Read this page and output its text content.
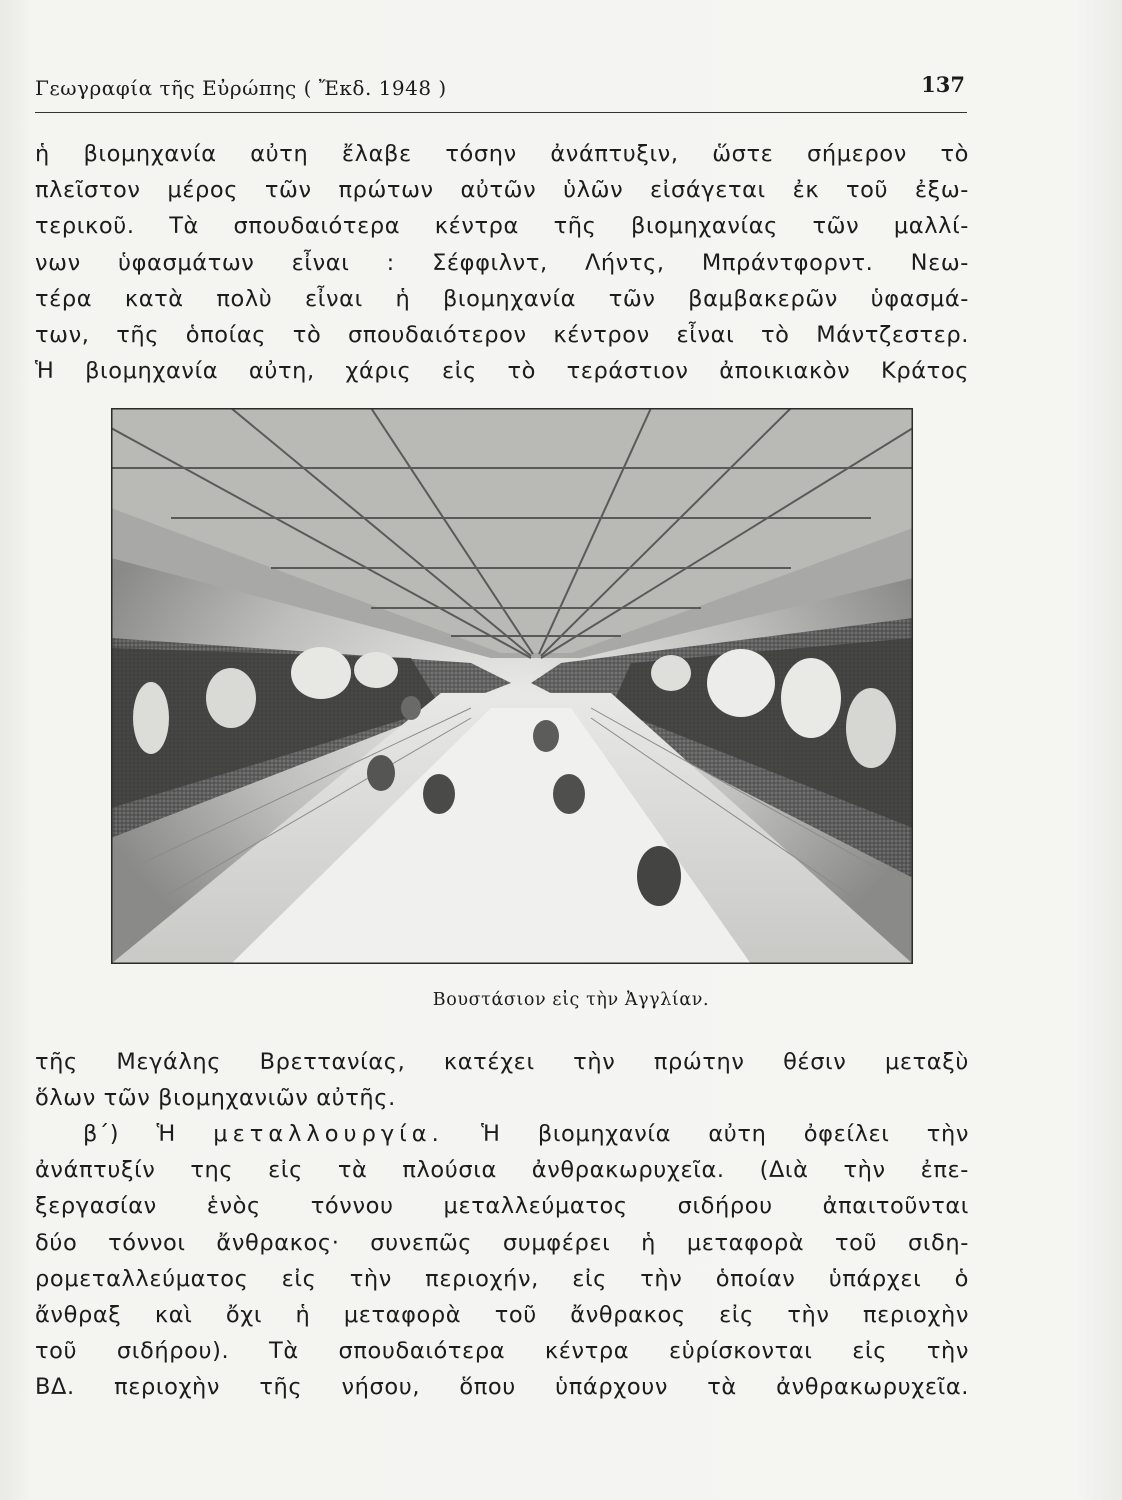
Γεωγραφία τῆς Εὐρώπης ( Ἔκδ. 1948 )	137
ἡ βιομηχανία αὐτη ἔλαβε τόσην ἀνάπτυξιν, ὥστε σήμερον τὸ
πλεῖστον μέρος τῶν πρώτων αὐτῶν ὑλῶν εἰσάγεται ἐκ τοῦ ἐξω-
τερικοῦ. Τὰ σπουδαιότερα κέντρα τῆς βιομηχανίας τῶν μαλλί-
νων ὑφασμάτων εἶναι : Σέφφιλντ, Λήντς, Μπράντφορντ. Νεω-
τέρα κατὰ πολὺ εἶναι ἡ βιομηχανία τῶν βαμβακερῶν ὑφασμά-
των, τῆς ὁποίας τὸ σπουδαιότερον κέντρον εἶναι τὸ Μάντζεστερ.
Ἡ βιομηχανία αὐτη, χάρις εἰς τὸ τεράστιον ἀποικιακὸν Κράτος
Βουστάσιον εἰς τὴν Ἀγγλίαν.
τῆς Μεγάλης Βρεττανίας, κατέχει τὴν πρώτην θέσιν μεταξὺ
ὅλων τῶν βιομηχανιῶν αὐτῆς.
β΄) Ἡ μεταλλουργία. Ἡ βιομηχανία αὐτη ὀφείλει τὴν
ἀνάπτυξίν της εἰς τὰ πλούσια ἀνθρακωρυχεῖα. (Διὰ τὴν ἐπε-
ξεργασίαν ἑνὸς τόννου μεταλλεύματος σιδήρου ἀπαιτοῦνται
δύο τόννοι ἄνθρακος· συνεπῶς συμφέρει ἡ μεταφορὰ τοῦ σιδη-
ρομεταλλεύματος εἰς τὴν περιοχήν, εἰς τὴν ὁποίαν ὑπάρχει ὁ
ἄνθραξ καὶ ὄχι ἡ μεταφορὰ τοῦ ἄνθρακος εἰς τὴν περιοχὴν
τοῦ σιδήρου). Τὰ σπουδαιότερα κέντρα εὑρίσκονται εἰς τὴν
ΒΔ. περιοχὴν τῆς νήσου, ὅπου ὑπάρχουν τὰ ἀνθρακωρυχεῖα.
